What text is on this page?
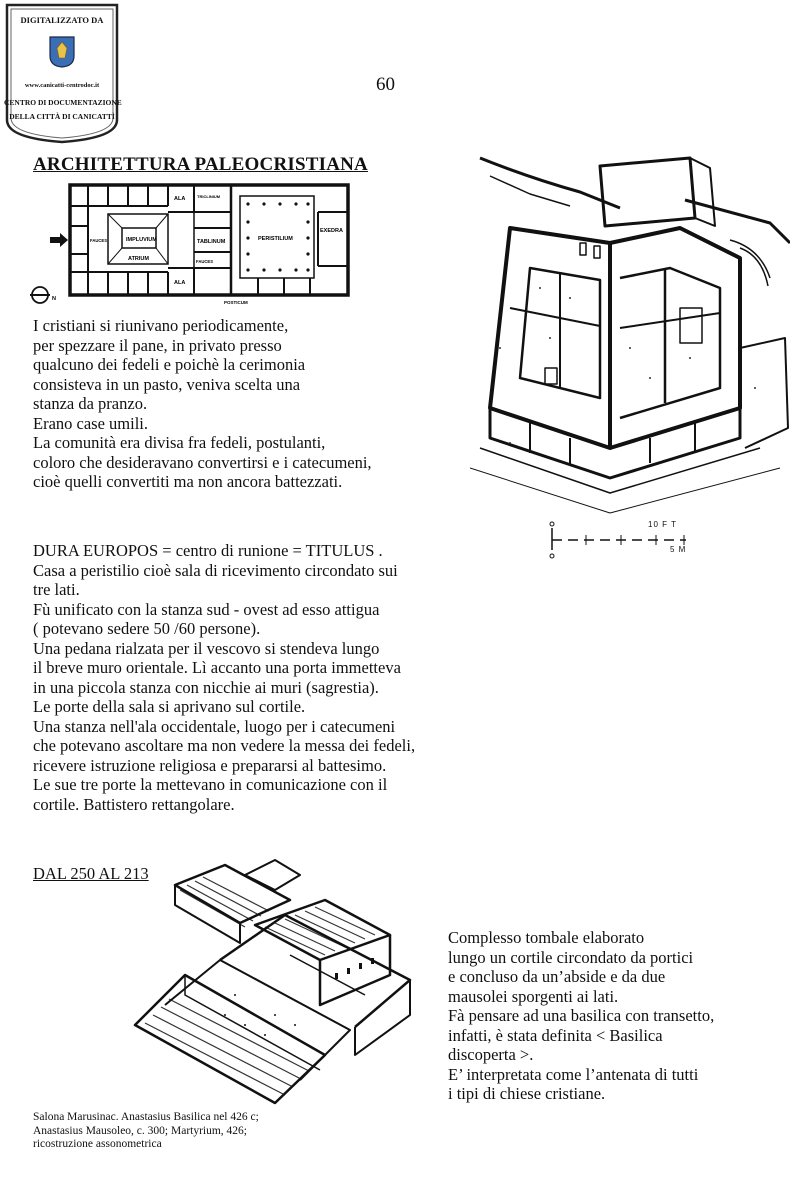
DIGITALIZZATO DA
www.canicatti-centrodoc.it
CENTRO DI DOCUMENTAZIONE
DELLA CITTÀ DI CANICATTÌ
60
ARCHITETTURA PALEOCRISTIANA
N
ALA	TRICLINIUM
IMPLUVIUM
ATRIUM
TABLINUM
FAUCES
FAUCES
ALA
PERISTILIUM
EXEDRA
POSTICUM

I cristiani si riunivano periodicamente,

per spezzare il pane, in privato presso

qualcuno dei fedeli e poichè la cerimonia

consisteva in un pasto, veniva scelta una

stanza da pranzo.

Erano case umili.

La comunità era divisa fra fedeli, postulanti,

coloro che desideravano convertirsi e i catecumeni,

cioè quelli convertiti ma non ancora battezzati.

10 F T
5 M

DURA EUROPOS = centro di runione = TITULUS .

Casa a peristilio cioè sala di ricevimento circondato sui

tre lati.

Fù unificato con la stanza sud - ovest ad esso attigua

( potevano sedere 50 /60 persone).

Una pedana rialzata per il vescovo si stendeva lungo

il breve muro orientale. Lì accanto una porta immetteva

in una piccola stanza con nicchie ai muri (sagrestia).

Le porte della sala si aprivano sul cortile.

Una stanza nell'ala occidentale, luogo per i catecumeni

che potevano ascoltare ma non vedere la messa dei fedeli,

ricevere istruzione religiosa e prepararsi al battesimo.

Le sue tre porte la mettevano in comunicazione con il

cortile. Battistero rettangolare.

DAL 250 AL 213

Complesso tombale elaborato

lungo un cortile circondato da portici

e concluso da un’abside e da due

mausolei sporgenti ai lati.

Fà pensare ad una basilica con transetto,

infatti, è stata definita < Basilica

discoperta >.

E’ interpretata come l’antenata di tutti

i tipi di chiese cristiane.

Salona Marusinac. Anastasius Basilica nel 426 c;
Anastasius Mausoleo, c. 300; Martyrium, 426;
ricostruzione assonometrica
